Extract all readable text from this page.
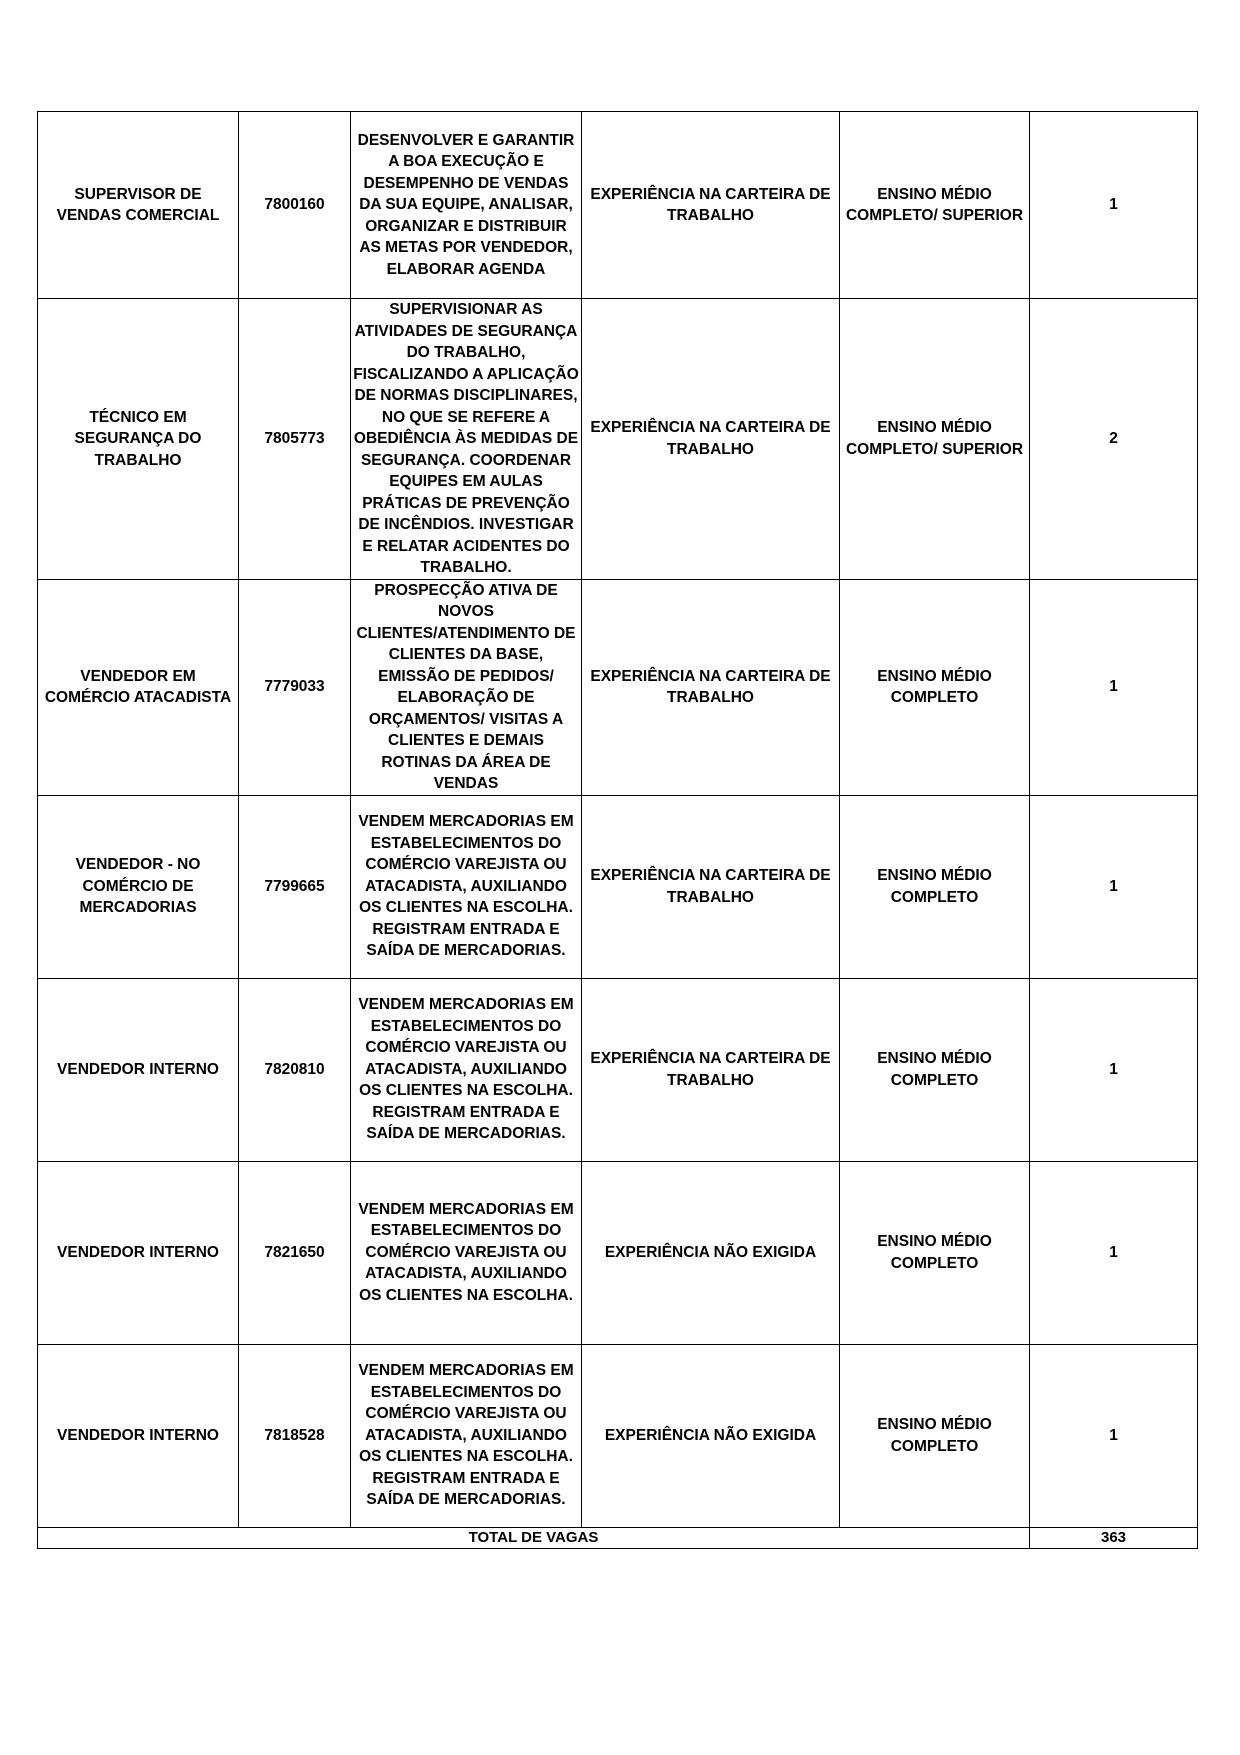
SUPERVISOR DE VENDAS COMERCIAL	7800160	DESENVOLVER E GARANTIR A BOA EXECUÇÃO E DESEMPENHO DE VENDAS DA SUA EQUIPE, ANALISAR, ORGANIZAR E DISTRIBUIR AS METAS POR VENDEDOR, ELABORAR AGENDA	EXPERIÊNCIA NA CARTEIRA DE TRABALHO	ENSINO MÉDIO COMPLETO/ SUPERIOR	1
TÉCNICO EM SEGURANÇA DO TRABALHO	7805773	SUPERVISIONAR AS ATIVIDADES DE SEGURANÇA DO TRABALHO, FISCALIZANDO A APLICAÇÃO DE NORMAS DISCIPLINARES, NO QUE SE REFERE A OBEDIÊNCIA ÀS MEDIDAS DE SEGURANÇA. COORDENAR EQUIPES EM AULAS PRÁTICAS DE PREVENÇÃO DE INCÊNDIOS. INVESTIGAR E RELATAR ACIDENTES DO TRABALHO.	EXPERIÊNCIA NA CARTEIRA DE TRABALHO	ENSINO MÉDIO COMPLETO/ SUPERIOR	2
VENDEDOR EM COMÉRCIO ATACADISTA	7779033	PROSPECÇÃO ATIVA DE NOVOS CLIENTES/ATENDIMENTO DE CLIENTES DA BASE, EMISSÃO DE PEDIDOS/ ELABORAÇÃO DE ORÇAMENTOS/ VISITAS A CLIENTES E DEMAIS ROTINAS DA ÁREA DE VENDAS	EXPERIÊNCIA NA CARTEIRA DE TRABALHO	ENSINO MÉDIO COMPLETO	1
VENDEDOR - NO COMÉRCIO DE MERCADORIAS	7799665	VENDEM MERCADORIAS EM ESTABELECIMENTOS DO COMÉRCIO VAREJISTA OU ATACADISTA, AUXILIANDO OS CLIENTES NA ESCOLHA. REGISTRAM ENTRADA E SAÍDA DE MERCADORIAS.	EXPERIÊNCIA NA CARTEIRA DE TRABALHO	ENSINO MÉDIO COMPLETO	1
VENDEDOR INTERNO	7820810	VENDEM MERCADORIAS EM ESTABELECIMENTOS DO COMÉRCIO VAREJISTA OU ATACADISTA, AUXILIANDO OS CLIENTES NA ESCOLHA. REGISTRAM ENTRADA E SAÍDA DE MERCADORIAS.	EXPERIÊNCIA NA CARTEIRA DE TRABALHO	ENSINO MÉDIO COMPLETO	1
VENDEDOR INTERNO	7821650	VENDEM MERCADORIAS EM ESTABELECIMENTOS DO COMÉRCIO VAREJISTA OU ATACADISTA, AUXILIANDO OS CLIENTES NA ESCOLHA.	EXPERIÊNCIA NÃO EXIGIDA	ENSINO MÉDIO COMPLETO	1
VENDEDOR INTERNO	7818528	VENDEM MERCADORIAS EM ESTABELECIMENTOS DO COMÉRCIO VAREJISTA OU ATACADISTA, AUXILIANDO OS CLIENTES NA ESCOLHA. REGISTRAM ENTRADA E SAÍDA DE MERCADORIAS.	EXPERIÊNCIA NÃO EXIGIDA	ENSINO MÉDIO COMPLETO	1
TOTAL DE VAGAS					363
